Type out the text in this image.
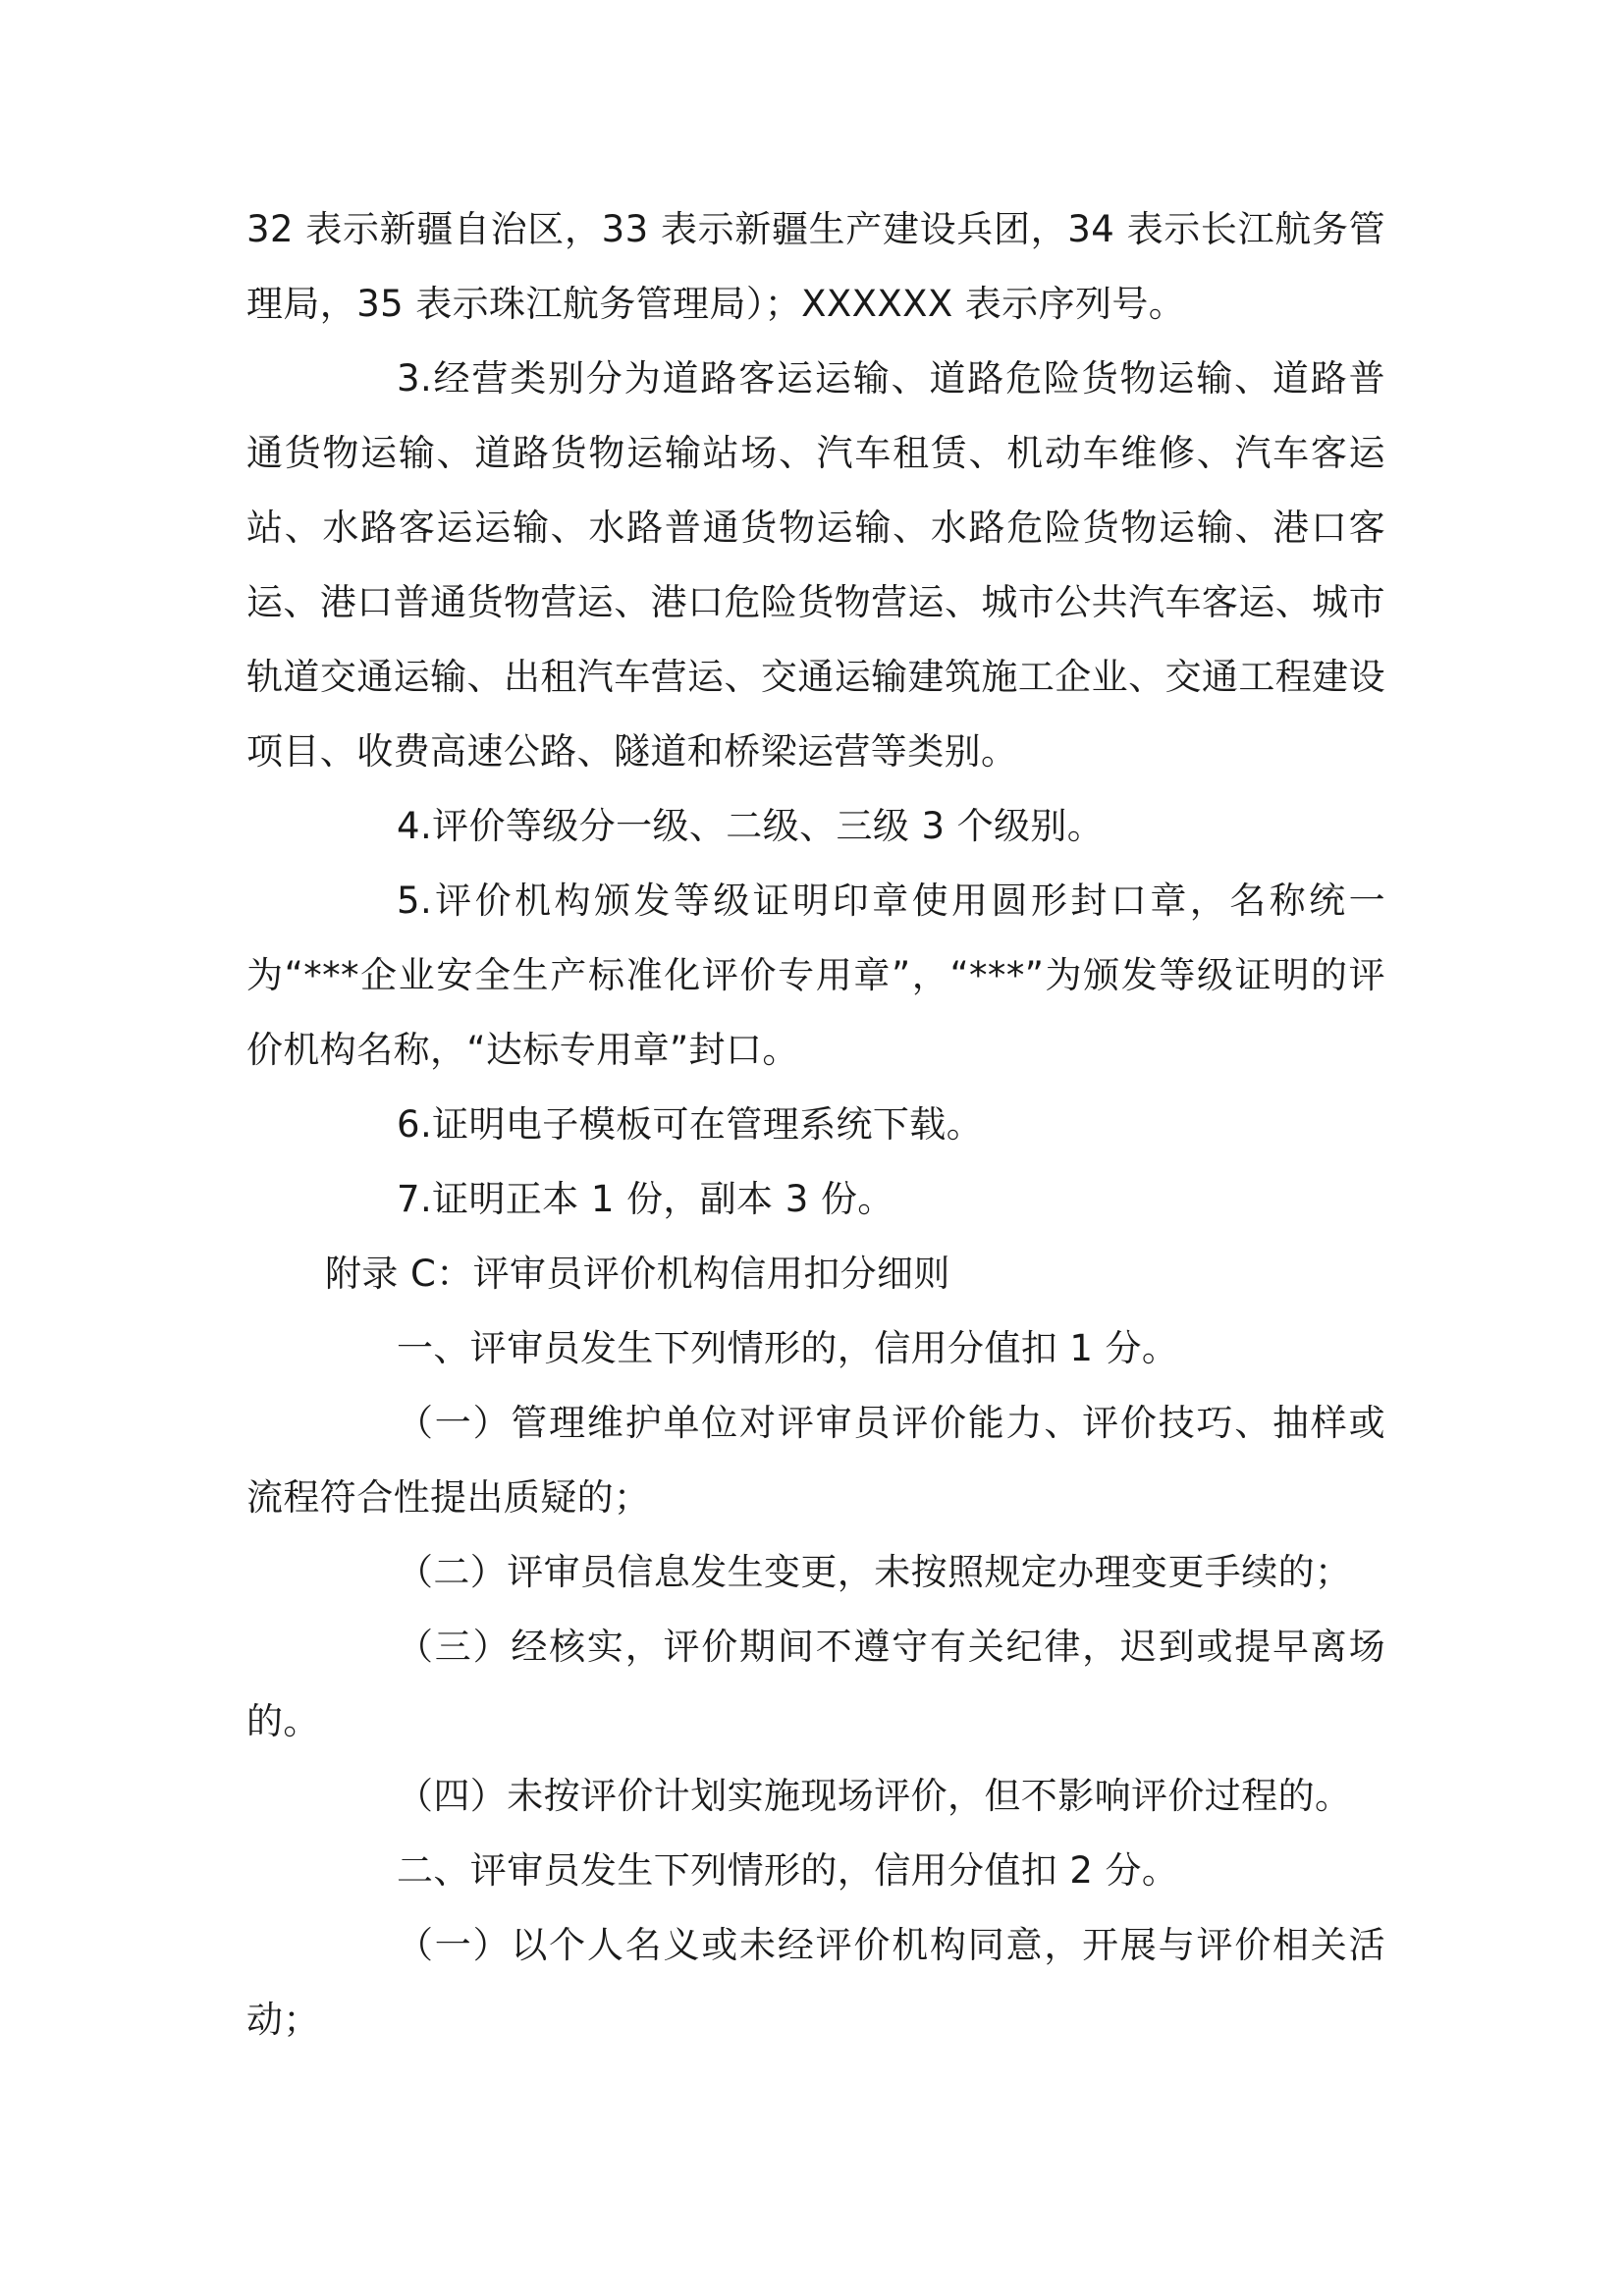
32 表示新疆自治区，33 表示新疆生产建设兵团，34 表示长江航务管理局，35 表示珠江航务管理局）；XXXXXX 表示序列号。

3.经营类别分为道路客运运输、道路危险货物运输、道路普通货物运输、道路货物运输站场、汽车租赁、机动车维修、汽车客运站、水路客运运输、水路普通货物运输、水路危险货物运输、港口客运、港口普通货物营运、港口危险货物营运、城市公共汽车客运、城市轨道交通运输、出租汽车营运、交通运输建筑施工企业、交通工程建设项目、收费高速公路、隧道和桥梁运营等类别。

4.评价等级分一级、二级、三级 3 个级别。

5.评价机构颁发等级证明印章使用圆形封口章，名称统一为“***企业安全生产标准化评价专用章”，“***”为颁发等级证明的评价机构名称，“达标专用章”封口。

6.证明电子模板可在管理系统下载。

7.证明正本 1 份，副本 3 份。

附录 C：评审员评价机构信用扣分细则

一、评审员发生下列情形的，信用分值扣 1 分。

（一）管理维护单位对评审员评价能力、评价技巧、抽样或流程符合性提出质疑的；

（二）评审员信息发生变更，未按照规定办理变更手续的；

（三）经核实，评价期间不遵守有关纪律，迟到或提早离场的。

（四）未按评价计划实施现场评价，但不影响评价过程的。

二、评审员发生下列情形的，信用分值扣 2 分。

（一）以个人名义或未经评价机构同意，开展与评价相关活动；
